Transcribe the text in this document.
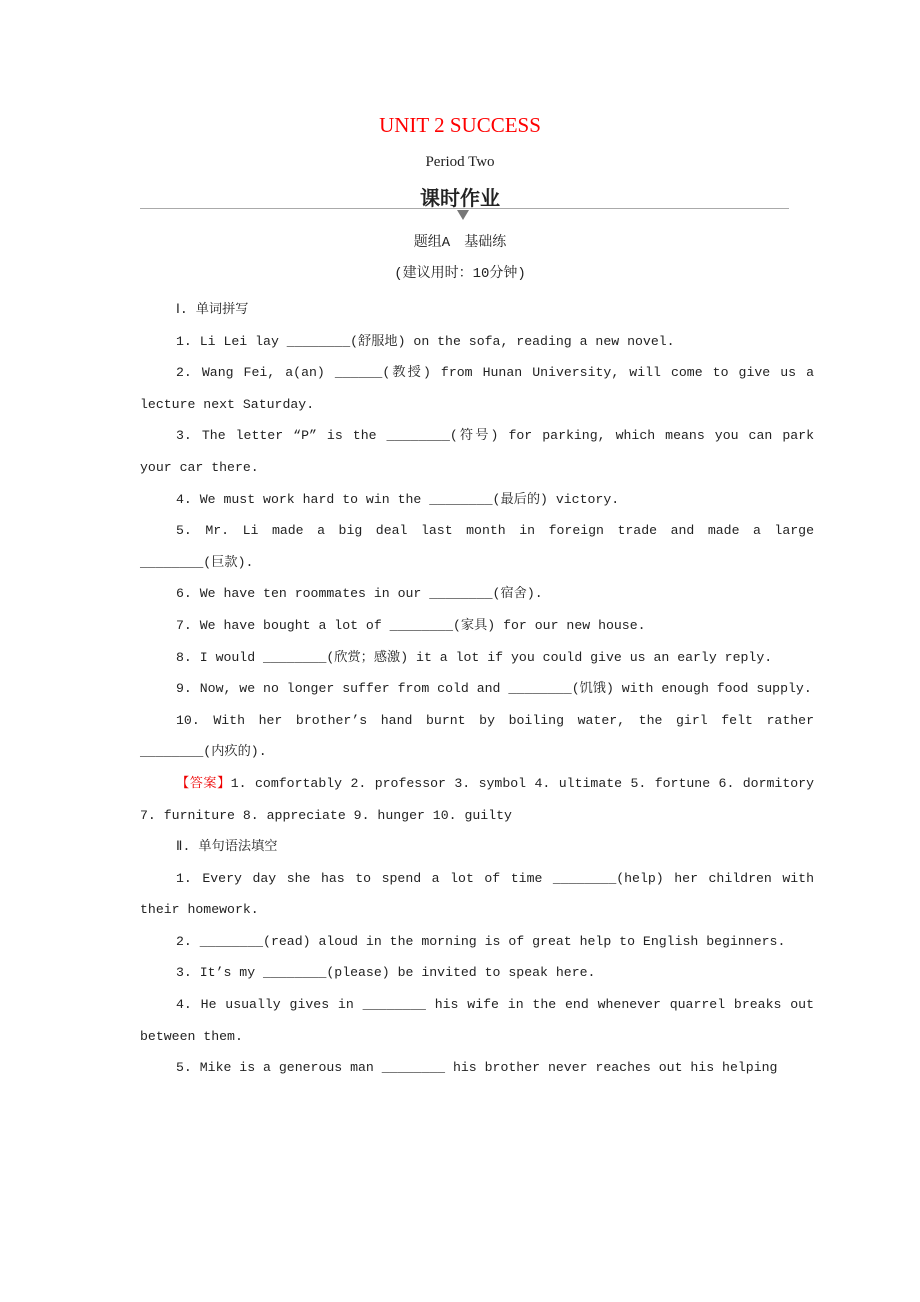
UNIT 2 SUCCESS
Period Two
课时作业
题组A　基础练
(建议用时：10分钟)

Ⅰ. 单词拼写

1. Li Lei lay ________(舒服地) on the sofa, reading a new novel.

2. Wang Fei, a(an) ______(教授) from Hunan University, will come to give us a lecture next Saturday.

3. The letter “P” is the ________(符号) for parking, which means you can park your car there.

4. We must work hard to win the ________(最后的) victory.

5. Mr. Li made a big deal last month in foreign trade and made a large ________(巨款).

6. We have ten roommates in our ________(宿舍).

7. We have bought a lot of ________(家具) for our new house.

8. I would ________(欣赏；感激) it a lot if you could give us an early reply.

9. Now, we no longer suffer from cold and ________(饥饿) with enough food supply.

10. With her brother’s hand burnt by boiling water, the girl felt rather ________(内疚的).

【答案】1. comfortably 2. professor 3. symbol 4. ultimate 5. fortune 6. dormitory 7. furniture 8. appreciate 9. hunger 10. guilty

Ⅱ. 单句语法填空

1. Every day she has to spend a lot of time ________(help) her children with their homework.

2. ________(read) aloud in the morning is of great help to English beginners.

3. It’s my ________(please) be invited to speak here.

4. He usually gives in ________ his wife in the end whenever quarrel breaks out between them.

5. Mike is a generous man ________ his brother never reaches out his helping
